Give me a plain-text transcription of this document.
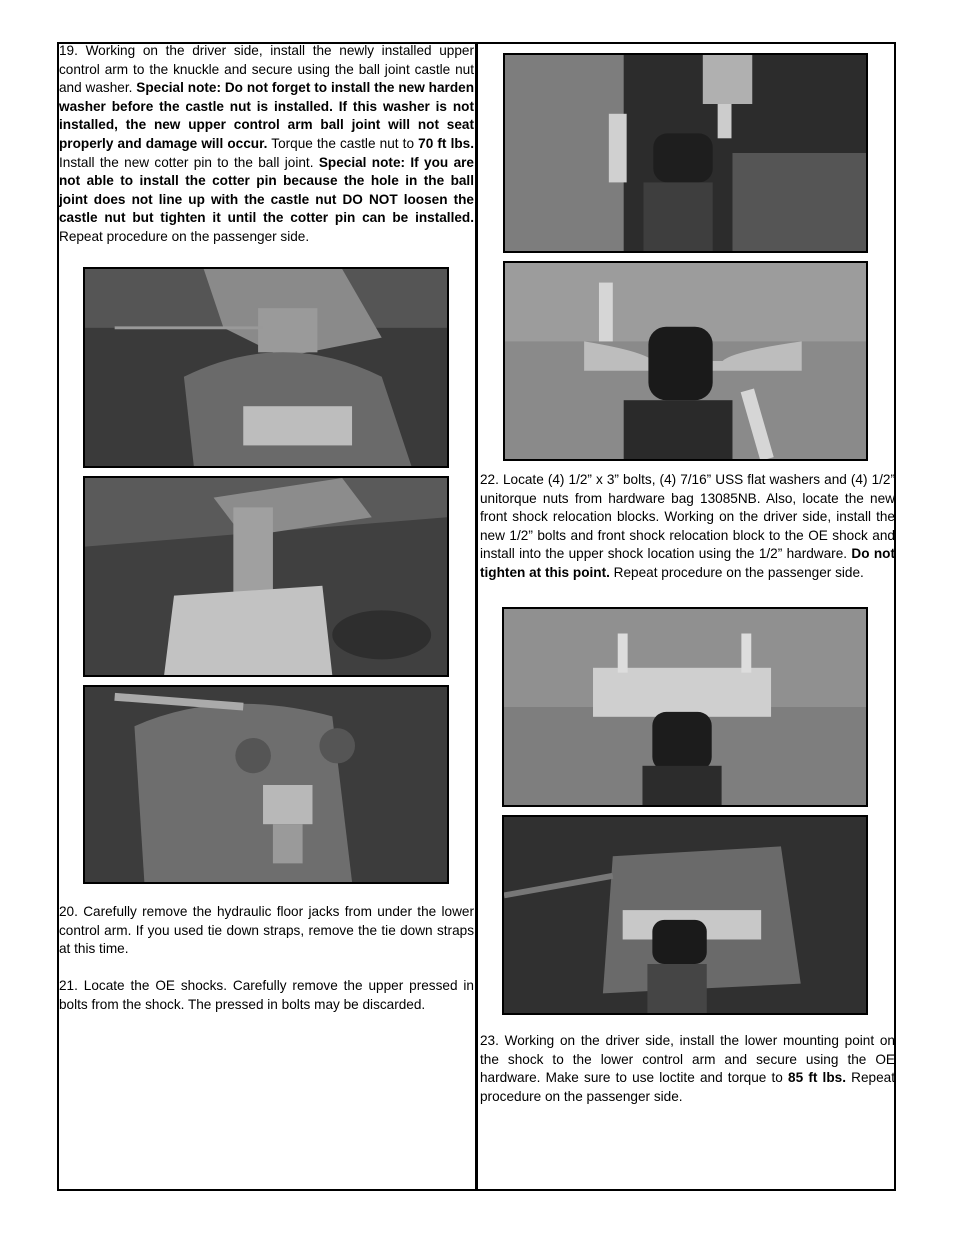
19. Working on the driver side, install the newly installed upper control arm to the knuckle and secure using the ball joint castle nut and washer. Special note: Do not forget to install the new harden washer before the castle nut is installed. If this washer is not installed, the new upper control arm ball joint will not seat properly and damage will occur. Torque the castle nut to 70 ft lbs. Install the new cotter pin to the ball joint. Special note: If you are not able to install the cotter pin because the hole in the ball joint does not line up with the castle nut DO NOT loosen the castle nut but tighten it until the cotter pin can be installed. Repeat procedure on the passenger side.
20. Carefully remove the hydraulic floor jacks from under the lower control arm. If you used tie down straps, remove the tie down straps at this time.
21. Locate the OE shocks. Carefully remove the upper pressed in bolts from the shock. The pressed in bolts may be discarded.
22. Locate (4) 1/2” x 3” bolts, (4) 7/16” USS flat washers and (4) 1/2” unitorque nuts from hardware bag 13085NB. Also, locate the new front shock relocation blocks. Working on the driver side, install the new 1/2” bolts and front shock relocation block to the OE shock and install into the upper shock location using the 1/2” hardware. Do not tighten at this point. Repeat procedure on the passenger side.
23. Working on the driver side, install the lower mounting point on the shock to the lower control arm and secure using the OE hardware. Make sure to use loctite and torque to 85 ft lbs. Repeat procedure on the passenger side.
